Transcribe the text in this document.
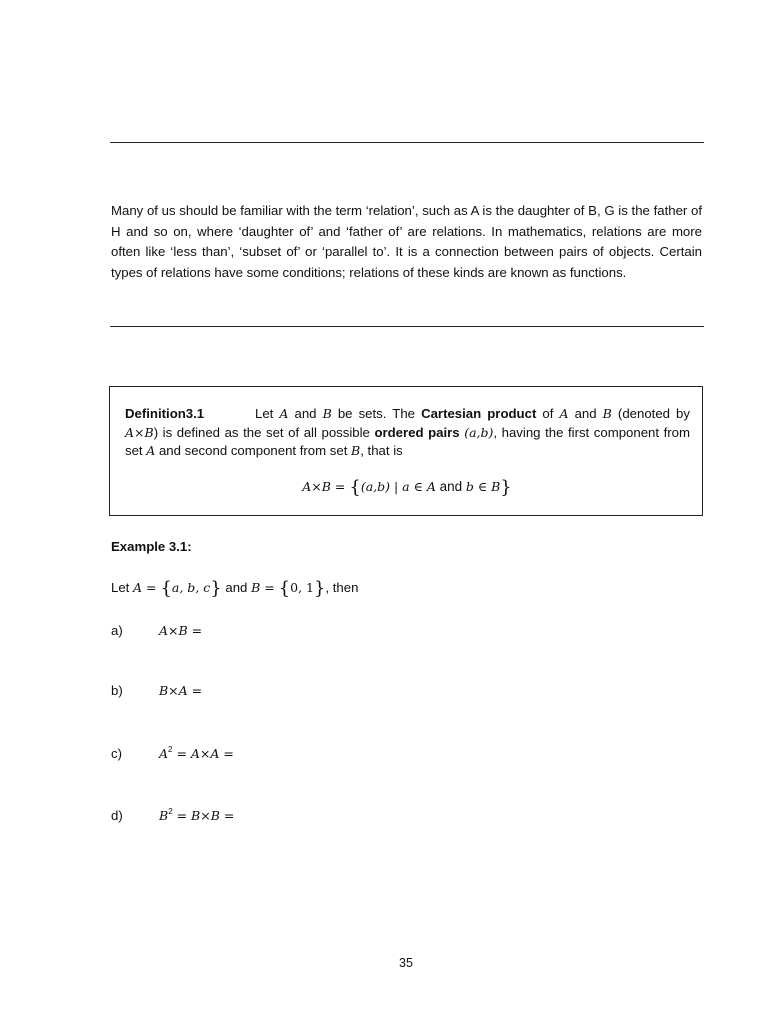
Many of us should be familiar with the term ‘relation’, such as A is the daughter of B, G is the father of H and so on, where ‘daughter of’ and ‘father of’ are relations. In mathematics, relations are more often like ‘less than’, ‘subset of’ or ‘parallel to’. It is a connection between pairs of objects. Certain types of relations have some conditions; relations of these kinds are known as functions.

Definition3.1	Let A and B be sets. The Cartesian product of A and B (denoted by A×B) is defined as the set of all possible ordered pairs (a,b), having the first component from set A and second component from set B, that is

A×B = {(a,b) | a ∈ A and b ∈ B}
Example 3.1:
Let A = {a, b, c} and B = {0, 1}, then
a)	A×B =
b)	B×A =
c)	$A^2 = A\times A$ =
d)	$B^2 = B\times B$ =
35
